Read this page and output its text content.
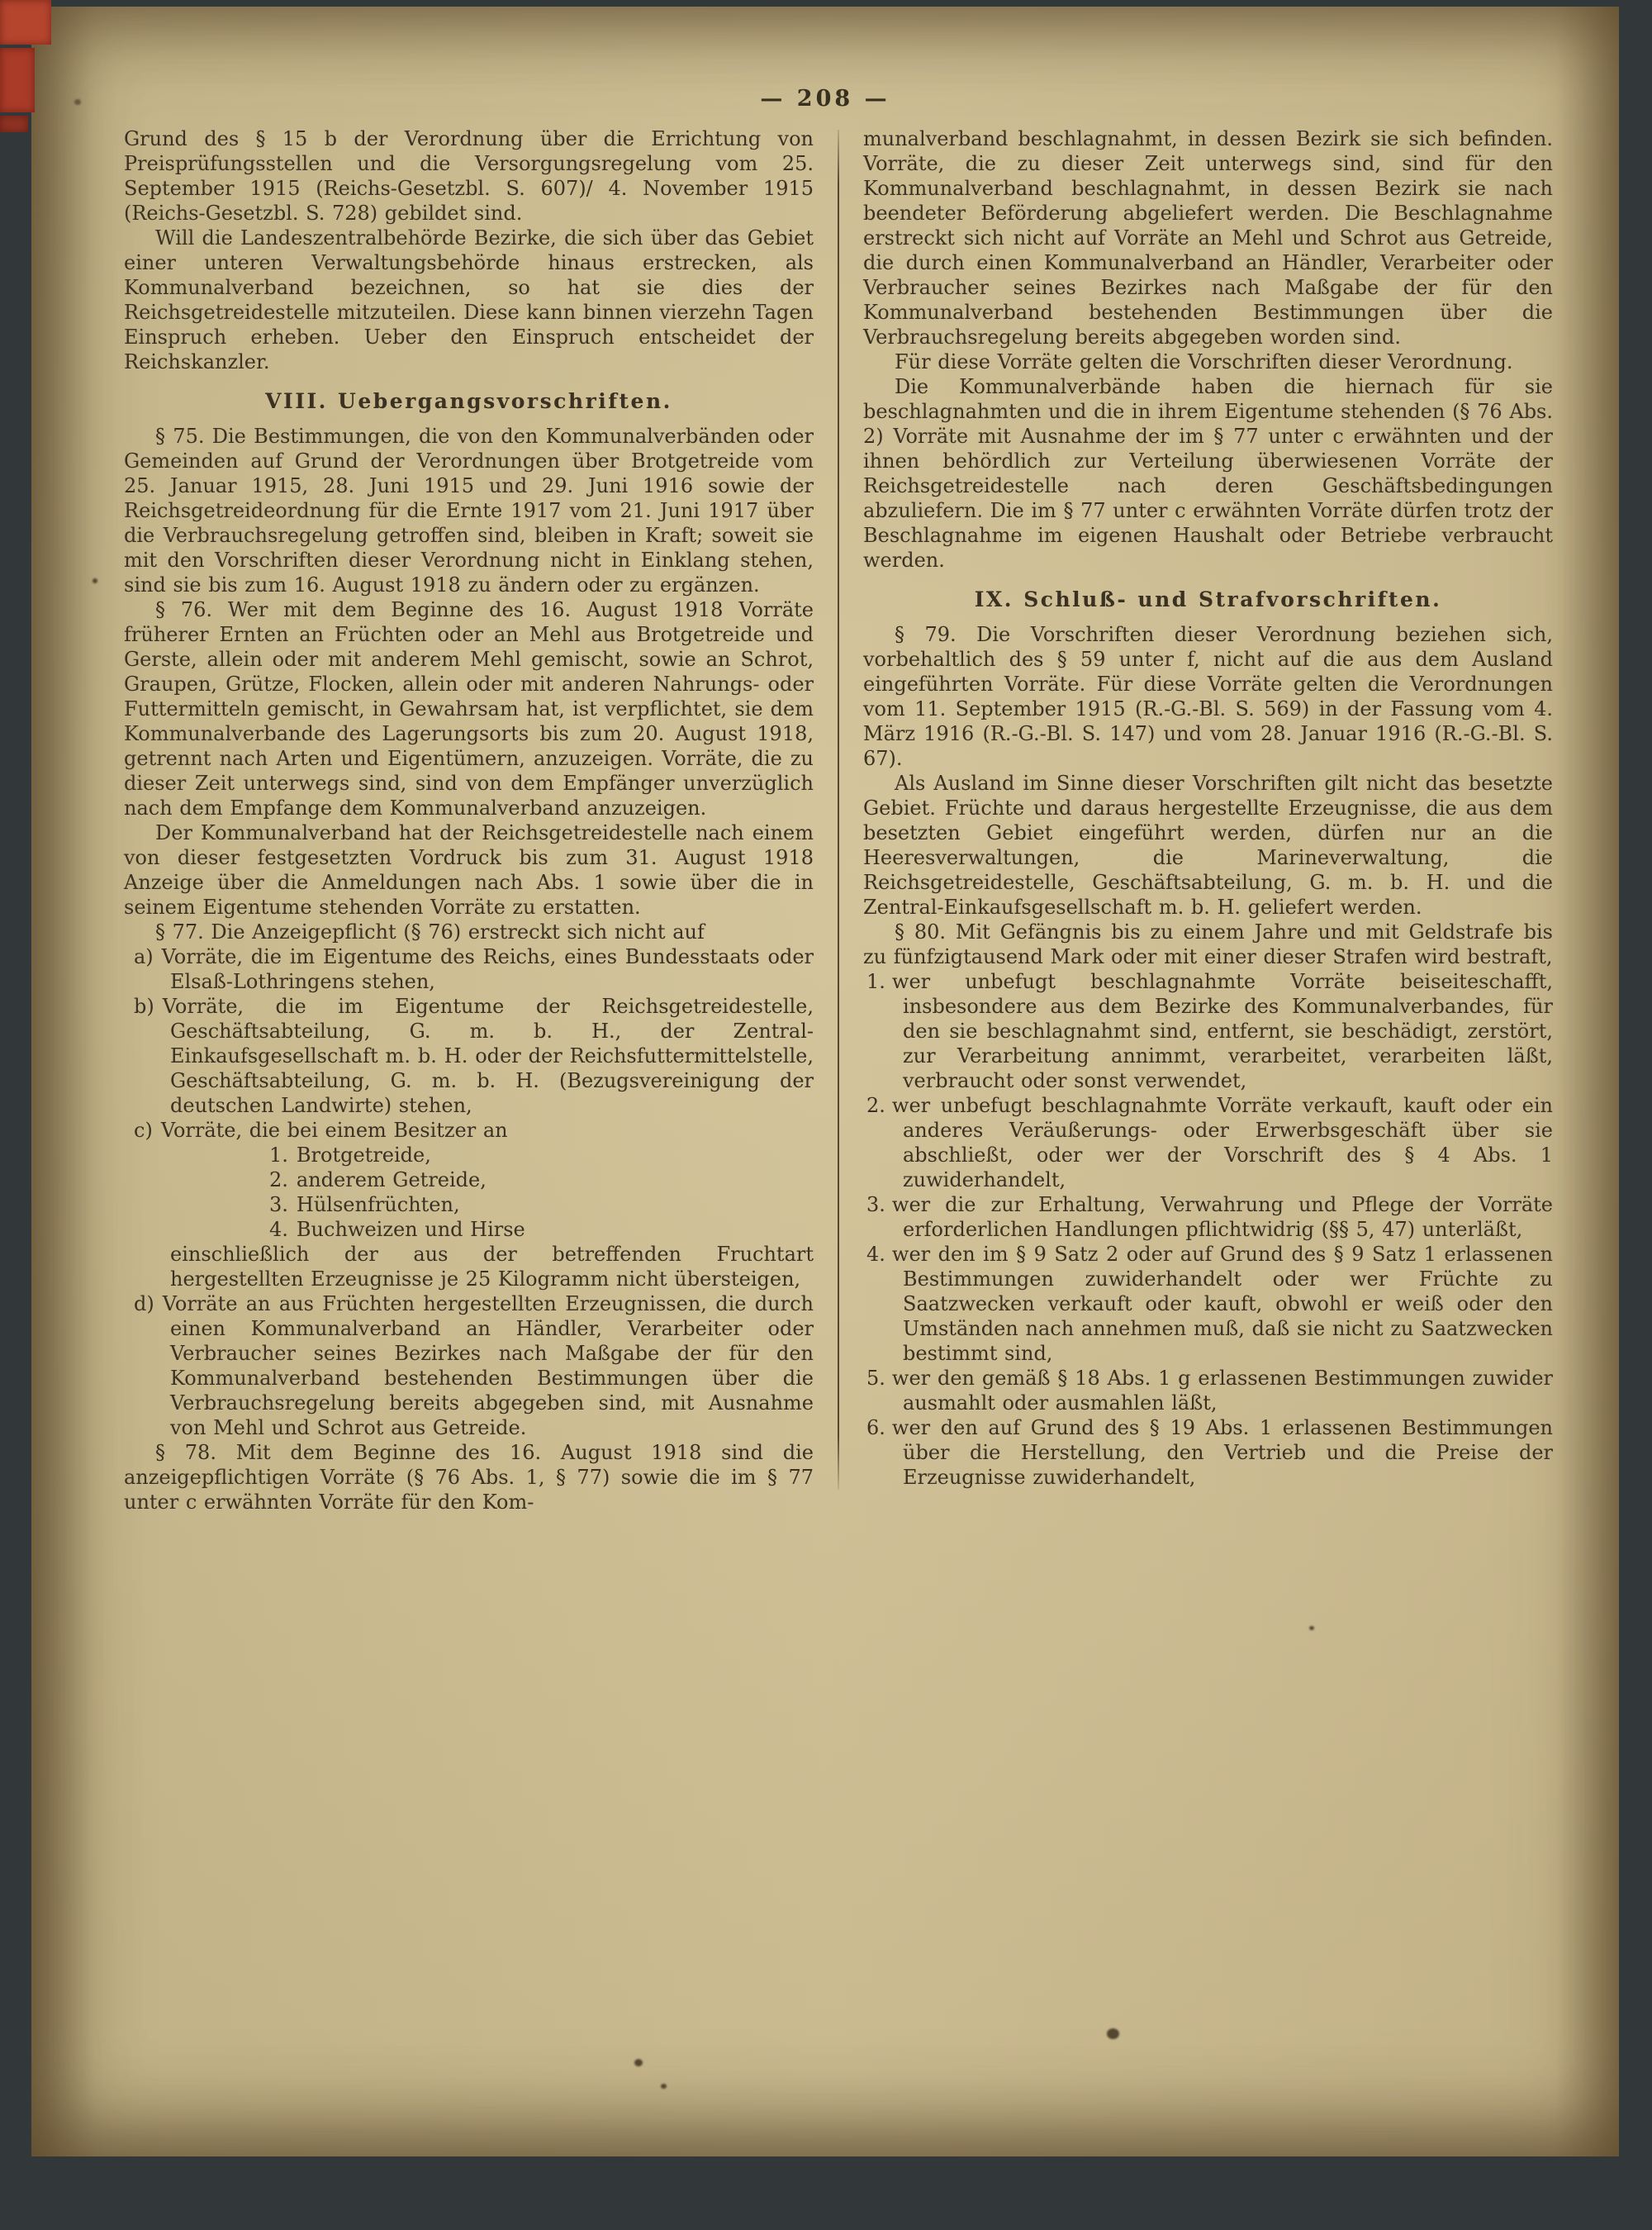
— 208 —
Grund des § 15 b der Verordnung über die Errichtung von Preisprüfungsstellen und die Versorgungsregelung vom 25. September 1915 (Reichs-Gesetzbl. S. 607)/ 4. November 1915 (Reichs-Gesetzbl. S. 728) gebildet sind.
Will die Landeszentralbehörde Bezirke, die sich über das Gebiet einer unteren Verwaltungsbehörde hinaus erstrecken, als Kommunalverband bezeichnen, so hat sie dies der Reichsgetreidestelle mitzuteilen. Diese kann binnen vierzehn Tagen Einspruch erheben. Ueber den Einspruch entscheidet der Reichskanzler.
VIII. Uebergangsvorschriften.
§ 75. Die Bestimmungen, die von den Kommunalverbänden oder Gemeinden auf Grund der Verordnungen über Brotgetreide vom 25. Januar 1915, 28. Juni 1915 und 29. Juni 1916 sowie der Reichsgetreideordnung für die Ernte 1917 vom 21. Juni 1917 über die Verbrauchsregelung getroffen sind, bleiben in Kraft; soweit sie mit den Vorschriften dieser Verordnung nicht in Einklang stehen, sind sie bis zum 16. August 1918 zu ändern oder zu ergänzen.
§ 76. Wer mit dem Beginne des 16. August 1918 Vorräte früherer Ernten an Früchten oder an Mehl aus Brotgetreide und Gerste, allein oder mit anderem Mehl gemischt, sowie an Schrot, Graupen, Grütze, Flocken, allein oder mit anderen Nahrungs- oder Futtermitteln gemischt, in Gewahrsam hat, ist verpflichtet, sie dem Kommunalverbande des Lagerungsorts bis zum 20. August 1918, getrennt nach Arten und Eigentümern, anzuzeigen. Vorräte, die zu dieser Zeit unterwegs sind, sind von dem Empfänger unverzüglich nach dem Empfange dem Kommunalverband anzuzeigen.
Der Kommunalverband hat der Reichsgetreidestelle nach einem von dieser festgesetzten Vordruck bis zum 31. August 1918 Anzeige über die Anmeldungen nach Abs. 1 sowie über die in seinem Eigentume stehenden Vorräte zu erstatten.
§ 77. Die Anzeigepflicht (§ 76) erstreckt sich nicht auf
a) Vorräte, die im Eigentume des Reichs, eines Bundesstaats oder Elsaß-Lothringens stehen,
b) Vorräte, die im Eigentume der Reichsgetreidestelle, Geschäftsabteilung, G. m. b. H., der Zentral-Einkaufsgesellschaft m. b. H. oder der Reichsfuttermittelstelle, Geschäftsabteilung, G. m. b. H. (Bezugsvereinigung der deutschen Landwirte) stehen,
c) Vorräte, die bei einem Besitzer an
1. Brotgetreide,
2. anderem Getreide,
3. Hülsenfrüchten,
4. Buchweizen und Hirse
einschließlich der aus der betreffenden Fruchtart hergestellten Erzeugnisse je 25 Kilogramm nicht übersteigen,
d) Vorräte an aus Früchten hergestellten Erzeugnissen, die durch einen Kommunalverband an Händler, Verarbeiter oder Verbraucher seines Bezirkes nach Maßgabe der für den Kommunalverband bestehenden Bestimmungen über die Verbrauchsregelung bereits abgegeben sind, mit Ausnahme von Mehl und Schrot aus Getreide.
§ 78. Mit dem Beginne des 16. August 1918 sind die anzeigepflichtigen Vorräte (§ 76 Abs. 1, § 77) sowie die im § 77 unter c erwähnten Vorräte für den Kom-
munalverband beschlagnahmt, in dessen Bezirk sie sich befinden. Vorräte, die zu dieser Zeit unterwegs sind, sind für den Kommunalverband beschlagnahmt, in dessen Bezirk sie nach beendeter Beförderung abgeliefert werden. Die Beschlagnahme erstreckt sich nicht auf Vorräte an Mehl und Schrot aus Getreide, die durch einen Kommunalverband an Händler, Verarbeiter oder Verbraucher seines Bezirkes nach Maßgabe der für den Kommunalverband bestehenden Bestimmungen über die Verbrauchsregelung bereits abgegeben worden sind.
Für diese Vorräte gelten die Vorschriften dieser Verordnung.
Die Kommunalverbände haben die hiernach für sie beschlagnahmten und die in ihrem Eigentume stehenden (§ 76 Abs. 2) Vorräte mit Ausnahme der im § 77 unter c erwähnten und der ihnen behördlich zur Verteilung überwiesenen Vorräte der Reichsgetreidestelle nach deren Geschäftsbedingungen abzuliefern. Die im § 77 unter c erwähnten Vorräte dürfen trotz der Beschlagnahme im eigenen Haushalt oder Betriebe verbraucht werden.
IX. Schluß- und Strafvorschriften.
§ 79. Die Vorschriften dieser Verordnung beziehen sich, vorbehaltlich des § 59 unter f, nicht auf die aus dem Ausland eingeführten Vorräte. Für diese Vorräte gelten die Verordnungen vom 11. September 1915 (R.-G.-Bl. S. 569) in der Fassung vom 4. März 1916 (R.-G.-Bl. S. 147) und vom 28. Januar 1916 (R.-G.-Bl. S. 67).
Als Ausland im Sinne dieser Vorschriften gilt nicht das besetzte Gebiet. Früchte und daraus hergestellte Erzeugnisse, die aus dem besetzten Gebiet eingeführt werden, dürfen nur an die Heeresverwaltungen, die Marineverwaltung, die Reichsgetreidestelle, Geschäftsabteilung, G. m. b. H. und die Zentral-Einkaufsgesellschaft m. b. H. geliefert werden.
§ 80. Mit Gefängnis bis zu einem Jahre und mit Geldstrafe bis zu fünfzigtausend Mark oder mit einer dieser Strafen wird bestraft,
1. wer unbefugt beschlagnahmte Vorräte beiseiteschafft, insbesondere aus dem Bezirke des Kommunalverbandes, für den sie beschlagnahmt sind, entfernt, sie beschädigt, zerstört, zur Verarbeitung annimmt, verarbeitet, verarbeiten läßt, verbraucht oder sonst verwendet,
2. wer unbefugt beschlagnahmte Vorräte verkauft, kauft oder ein anderes Veräußerungs- oder Erwerbsgeschäft über sie abschließt, oder wer der Vorschrift des § 4 Abs. 1 zuwiderhandelt,
3. wer die zur Erhaltung, Verwahrung und Pflege der Vorräte erforderlichen Handlungen pflichtwidrig (§§ 5, 47) unterläßt,
4. wer den im § 9 Satz 2 oder auf Grund des § 9 Satz 1 erlassenen Bestimmungen zuwiderhandelt oder wer Früchte zu Saatzwecken verkauft oder kauft, obwohl er weiß oder den Umständen nach annehmen muß, daß sie nicht zu Saatzwecken bestimmt sind,
5. wer den gemäß § 18 Abs. 1 g erlassenen Bestimmungen zuwider ausmahlt oder ausmahlen läßt,
6. wer den auf Grund des § 19 Abs. 1 erlassenen Bestimmungen über die Herstellung, den Vertrieb und die Preise der Erzeugnisse zuwiderhandelt,
